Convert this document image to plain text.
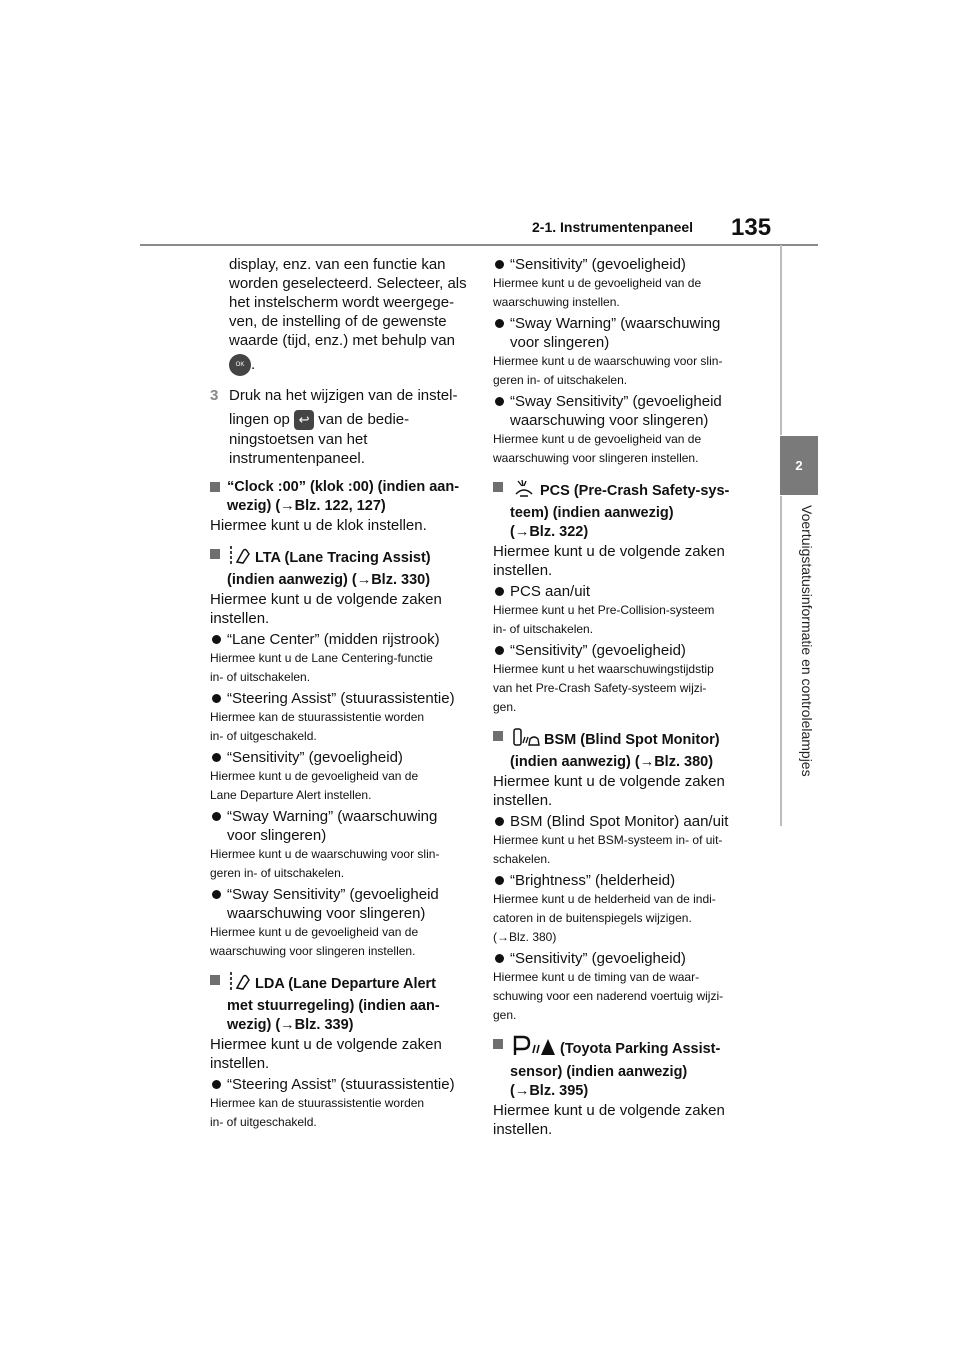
2-1. Instrumentenpaneel 135
2
Voertuigstatusinformatie en controlelampjes

display, enz. van een functie kan

worden geselecteerd. Selecteer, als

het instelscherm wordt weergege-

ven, de instelling of de gewenste

waarde (tijd, enz.) met behulp van

OK .

3 Druk na het wijzigen van de instel-

lingen op ↩ van de bedie-

ningstoetsen van het

instrumentenpaneel.

“Clock :00” (klok :00) (indien aan-
wezig) (→Blz. 122, 127)

Hiermee kunt u de klok instellen.

LTA (Lane Tracing Assist)
(indien aanwezig) (→Blz. 330)

Hiermee kunt u de volgende zaken

instellen.

“Lane Center” (midden rijstrook)

Hiermee kunt u de Lane Centering-functie

in- of uitschakelen.

“Steering Assist” (stuurassistentie)

Hiermee kan de stuurassistentie worden

in- of uitgeschakeld.

“Sensitivity” (gevoeligheid)

Hiermee kunt u de gevoeligheid van de

Lane Departure Alert instellen.

“Sway Warning” (waarschuwing
voor slingeren)

Hiermee kunt u de waarschuwing voor slin-

geren in- of uitschakelen.

“Sway Sensitivity” (gevoeligheid
waarschuwing voor slingeren)

Hiermee kunt u de gevoeligheid van de

waarschuwing voor slingeren instellen.

LDA (Lane Departure Alert
met stuurregeling) (indien aan-
wezig) (→Blz. 339)

Hiermee kunt u de volgende zaken

instellen.

“Steering Assist” (stuurassistentie)

Hiermee kan de stuurassistentie worden

in- of uitgeschakeld.

“Sensitivity” (gevoeligheid)

Hiermee kunt u de gevoeligheid van de

waarschuwing instellen.

“Sway Warning” (waarschuwing
voor slingeren)

Hiermee kunt u de waarschuwing voor slin-

geren in- of uitschakelen.

“Sway Sensitivity” (gevoeligheid
waarschuwing voor slingeren)

Hiermee kunt u de gevoeligheid van de

waarschuwing voor slingeren instellen.

PCS (Pre-Crash Safety-sys-
teem) (indien aanwezig)
(→Blz. 322)

Hiermee kunt u de volgende zaken

instellen.

PCS aan/uit

Hiermee kunt u het Pre-Collision-systeem

in- of uitschakelen.

“Sensitivity” (gevoeligheid)

Hiermee kunt u het waarschuwingstijdstip

van het Pre-Crash Safety-systeem wijzi-

gen.

BSM (Blind Spot Monitor)
(indien aanwezig) (→Blz. 380)

Hiermee kunt u de volgende zaken

instellen.

BSM (Blind Spot Monitor) aan/uit

Hiermee kunt u het BSM-systeem in- of uit-

schakelen.

“Brightness” (helderheid)

Hiermee kunt u de helderheid van de indi-

catoren in de buitenspiegels wijzigen.

(→Blz. 380)

“Sensitivity” (gevoeligheid)

Hiermee kunt u de timing van de waar-

schuwing voor een naderend voertuig wijzi-

gen.

(Toyota Parking Assist-
sensor) (indien aanwezig)
(→Blz. 395)

Hiermee kunt u de volgende zaken

instellen.
